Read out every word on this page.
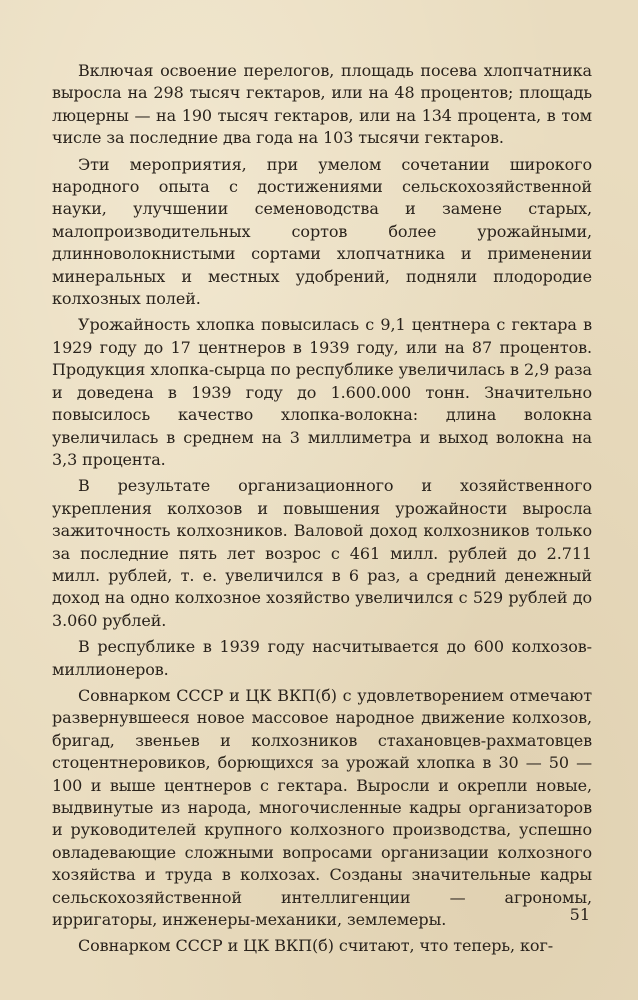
Включая освоение перелогов, площадь посева хлопчатника выросла на 298 тысяч гектаров, или на 48 процентов; площадь люцерны — на 190 тысяч гектаров, или на 134 процента, в том числе за последние два года на 103 тысячи гектаров.

Эти мероприятия, при умелом сочетании широкого народного опыта с достижениями сельскохозяйственной науки, улучшении семеноводства и замене старых, малопроизводительных сортов более урожайными, длинноволокнистыми сортами хлопчатника и применении минеральных и местных удобрений, подняли плодородие колхозных полей.

Урожайность хлопка повысилась с 9,1 центнера с гектара в 1929 году до 17 центнеров в 1939 году, или на 87 процентов. Продукция хлопка-сырца по республике увеличилась в 2,9 раза и доведена в 1939 году до 1.600.000 тонн. Значительно повысилось качество хлопка-волокна: длина волокна увеличилась в среднем на 3 миллиметра и выход волокна на 3,3 процента.

В результате организационного и хозяйственного укрепления колхозов и повышения урожайности выросла зажиточность колхозников. Валовой доход колхозников только за последние пять лет возрос с 461 милл. рублей до 2.711 милл. рублей, т. е. увеличился в 6 раз, а средний денежный доход на одно колхозное хозяйство увеличился с 529 рублей до 3.060 рублей.

В республике в 1939 году насчитывается до 600 колхозов-миллионеров.

Совнарком СССР и ЦК ВКП(б) с удовлетворением отмечают развернувшееся новое массовое народное движение колхозов, бригад, звеньев и колхозников стахановцев-рахматовцев стоцентнеровиков, борющихся за урожай хлопка в 30 — 50 — 100 и выше центнеров с гектара. Выросли и окрепли новые, выдвинутые из народа, многочисленные кадры организаторов и руководителей крупного колхозного производства, успешно овладевающие сложными вопросами организации колхозного хозяйства и труда в колхозах. Созданы значительные кадры сельскохозяйственной интеллигенции — агрономы, ирригаторы, инженеры-механики, землемеры.

Совнарком СССР и ЦК ВКП(б) считают, что теперь, ког-

51
